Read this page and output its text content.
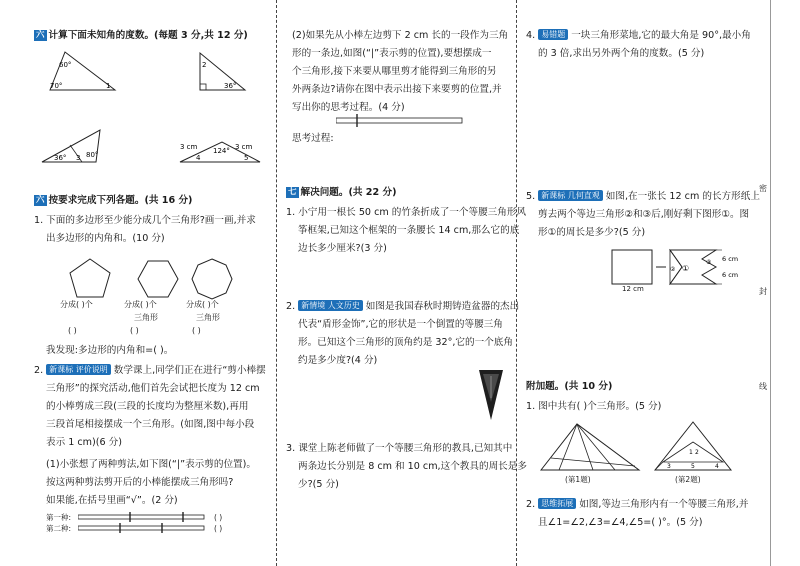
密
封
线
六 计算下面未知角的度数。(每题 3 分,共 12 分)
60°
70°	1
2
36°
36°	80°
3
3 cm 124° 3 cm
4	5
六 按要求完成下列各题。(共 16 分)
1. 下面的多边形至少能分成几个三角形?画一画,并求
出多边形的内角和。(10 分)
分成( )个	分成( )个	分成( )个
三角形	三角形
( )	( )	( )
我发现:多边形的内角和=( )。
2. 新课标 评价说明 数学课上,同学们正在进行“剪小棒摆
三角形”的探究活动,他们首先会试把长度为 12 cm
的小棒剪成三段(三段的长度均为整厘米数),再用
三段首尾相接摆成一个三角形。(如图,图中每小段
表示 1 cm)(6 分)
(1)小张想了两种剪法,如下图(“|”表示剪的位置)。
按这两种剪法剪开后的小棒能摆成三角形吗?
如果能,在括号里画“√”。(2 分)
第一种:
第二种:
( )
( )
(2)如果先从小棒左边剪下 2 cm 长的一段作为三角
形的一条边,如图(“|”表示剪的位置),要想摆成一
个三角形,接下来要从哪里剪才能得到三角形的另
外两条边?请你在图中表示出接下来要剪的位置,并
写出你的思考过程。(4 分)
思考过程:
七 解决问题。(共 22 分)
1. 小宁用一根长 50 cm 的竹条折成了一个等腰三角形风
筝框架,已知这个框架的一条腰长 14 cm,那么它的底
边长多少厘米?(3 分)
2. 新情境 人文历史 如图是我国春秋时期铸造盆器的杰出
代表“盾形金饰”,它的形状是一个倒置的等腰三角
形。已知这个三角形的顶角约是 32°,它的一个底角
约是多少度?(4 分)
3. 课堂上陈老师做了一个等腰三角形的教具,已知其中
两条边长分别是 8 cm 和 10 cm,这个教具的周长是多
少?(5 分)
4. 易错题 一块三角形菜地,它的最大角是 90°,最小角
的 3 倍,求出另外两个角的度数。(5 分)
5. 新课标 几何直观 如图,在一张长 12 cm 的长方形纸上
剪去两个等边三角形②和③后,刚好剩下图形①。图
形①的周长是多少?(5 分)
①
②
③ 6 cm
6 cm
12 cm
附加题。(共 10 分)
1. 图中共有( )个三角形。(5 分)
1 2
3	4
5
(第1题)	(第2题)
2. 思维拓展 如图,等边三角形内有一个等腰三角形,并
且∠1=∠2,∠3=∠4,∠5=( )°。(5 分)
